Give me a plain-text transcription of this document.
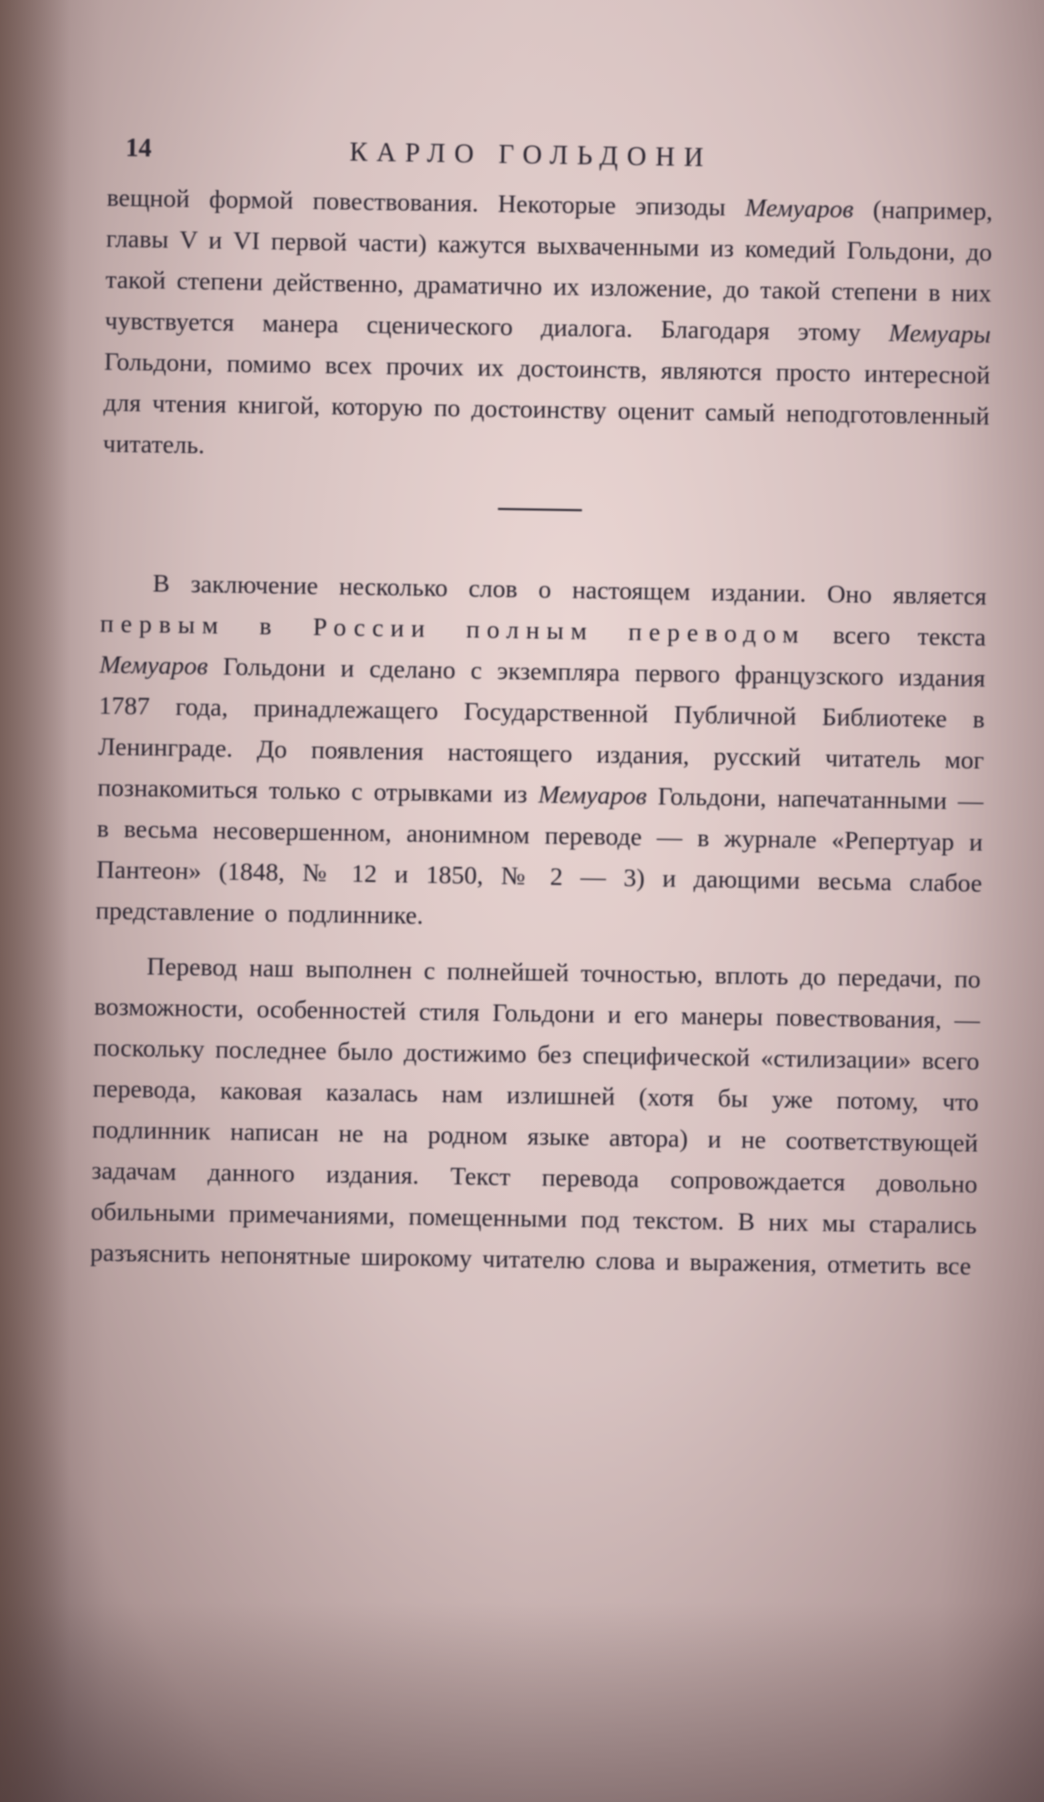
14	КАРЛО ГОЛЬДОНИ

вещной формой повествования. Некоторые эпизоды Мемуаров (например, главы V и VI первой части) кажутся выхваченными из комедий Гольдони, до такой степени действенно, драматично их изложение, до такой степени в них чувствуется манера сценического диалога. Благодаря этому Мемуары Гольдони, помимо всех прочих их достоинств, являются просто интересной для чтения книгой, которую по достоинству оценит самый неподготовленный читатель.

В заключение несколько слов о настоящем издании. Оно является первым в России полным переводом всего текста Мемуаров Гольдони и сделано с экземпляра первого французского издания 1787 года, принадлежащего Государственной Публичной Библиотеке в Ленинграде. До появления настоящего издания, русский читатель мог познакомиться только с отрывками из Мемуаров Гольдони, напечатанными — в весьма несовершенном, анонимном переводе — в журнале «Репертуар и Пантеон» (1848, № 12 и 1850, № 2 — 3) и дающими весьма слабое представление о подлиннике.

Перевод наш выполнен с полнейшей точностью, вплоть до передачи, по возможности, особенностей стиля Гольдони и его манеры повествования, — поскольку последнее было достижимо без специфической «стилизации» всего перевода, каковая казалась нам излишней (хотя бы уже потому, что подлинник написан не на родном языке автора) и не соответствующей задачам данного издания. Текст перевода сопровождается довольно обильными примечаниями, помещенными под текстом. В них мы старались разъяснить непонятные широкому читателю слова и выражения, отметить все
